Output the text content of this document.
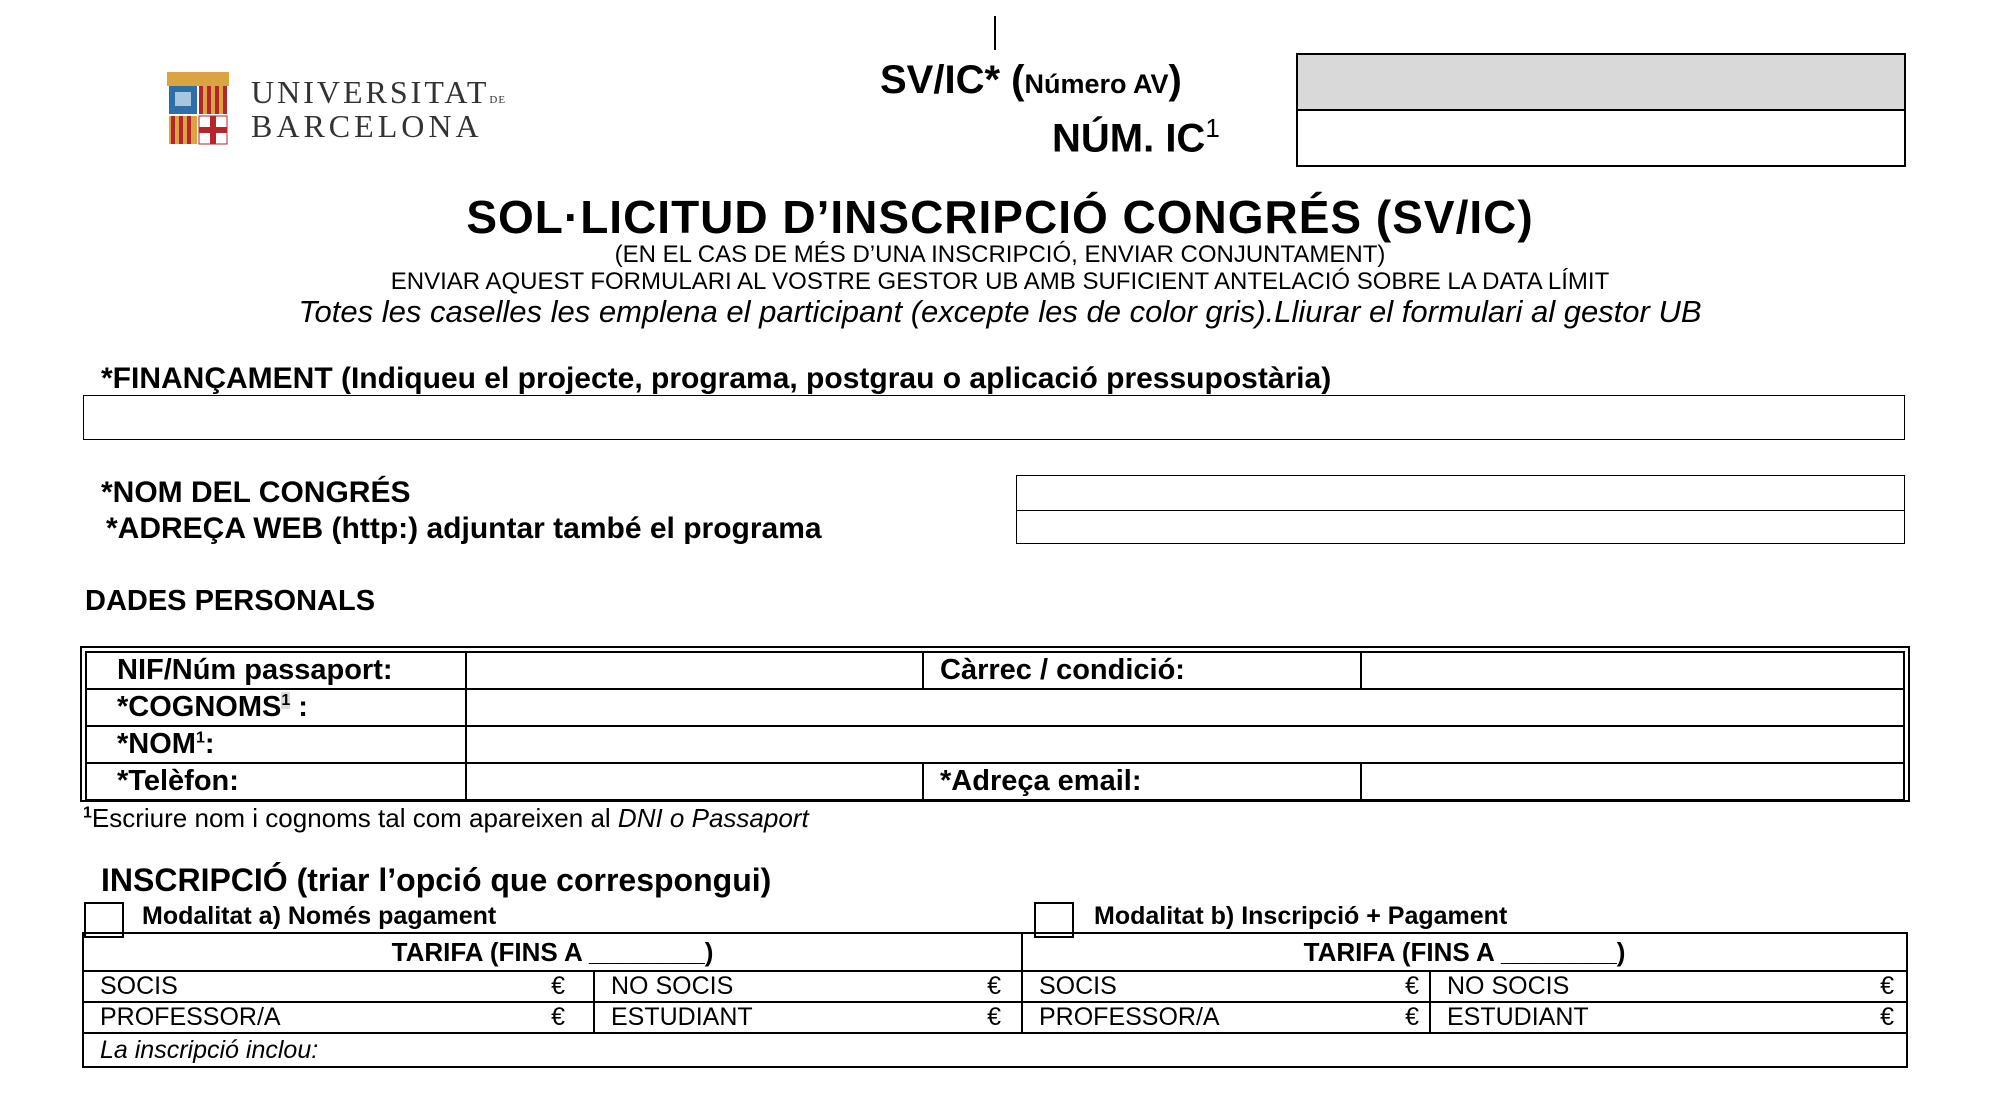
UNIVERSITATDE
BARCELONA
SV/IC* (Número AV)
NÚM. $IC^1$
SOL·LICITUD D’INSCRIPCIÓ CONGRÉS (SV/IC)
(EN EL CAS DE MÉS D’UNA INSCRIPCIÓ, ENVIAR CONJUNTAMENT)
ENVIAR AQUEST FORMULARI AL VOSTRE GESTOR UB AMB SUFICIENT ANTELACIÓ SOBRE LA DATA LÍMIT
Totes les caselles les emplena el participant (excepte les de color gris).Lliurar el formulari al gestor UB
*FINANÇAMENT (Indiqueu el projecte, programa, postgrau o aplicació pressupostària)
*NOM DEL CONGRÉS
*ADREÇA WEB (http:) adjuntar també el programa
DADES PERSONALS
NIF/Núm passaport:		Càrrec / condició:	
*COGNOMS$^1$ :			
*NOM$^1$:			
*Telèfon:		*Adreça email:	
$^1$Escriure nom i cognoms tal com apareixen al DNI o Passaport
INSCRIPCIÓ (triar l’opció que correspongui)
Modalitat a) Només pagament	Modalitat b) Inscripció + Pagament
TARIFA (FINS A ________)				TARIFA (FINS A ________)			
SOCIS	€	NO SOCIS	€	SOCIS	€	NO SOCIS	€
PROFESSOR/A	€	ESTUDIANT	€	PROFESSOR/A	€	ESTUDIANT	€
La inscripció inclou:							
